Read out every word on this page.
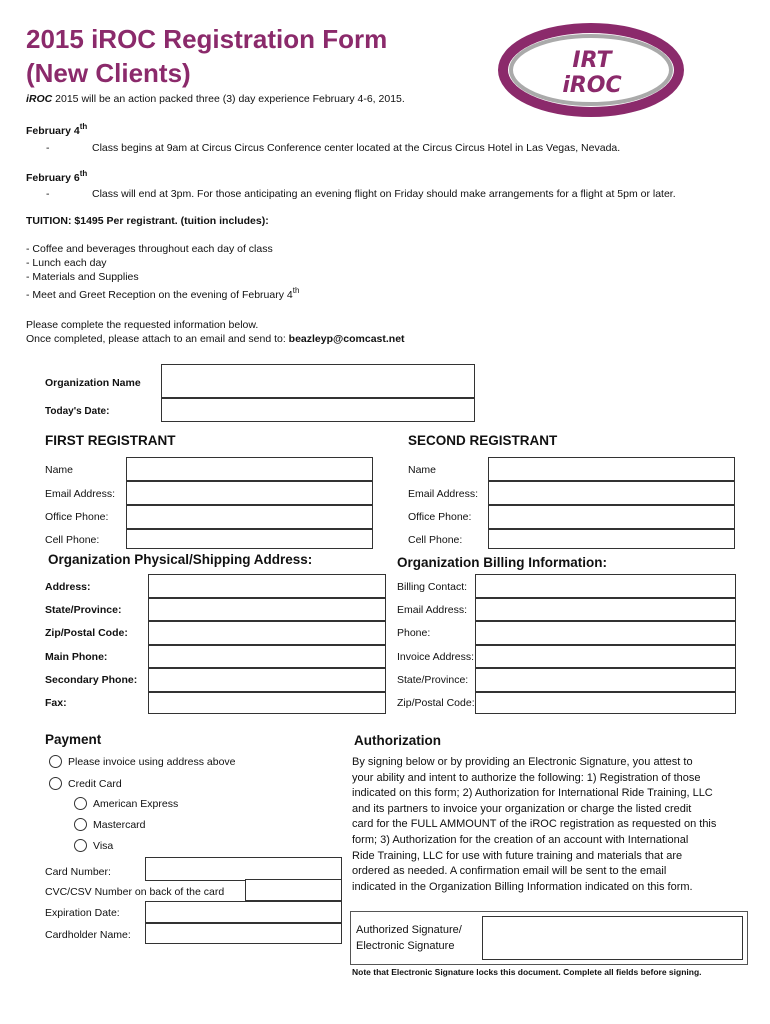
2015 iROC Registration Form
(New Clients)	IRT iROC
iROC 2015 will be an action packed three (3) day experience February 4-6, 2015.
February 4th
-	Class begins at 9am at Circus Circus Conference center located at the Circus Circus Hotel in Las Vegas, Nevada.
February 6th
-	Class will end at 3pm. For those anticipating an evening flight on Friday should make arrangements for a flight at 5pm or later.
TUITION: $1495 Per registrant. (tuition includes):
- Coffee and beverages throughout each day of class
- Lunch each day
- Materials and Supplies
- Meet and Greet Reception on the evening of February 4th
Please complete the requested information below.
Once completed, please attach to an email and send to: beazleyp@comcast.net
Organization Name
Today's Date:
FIRST REGISTRANT	SECOND REGISTRANT
Name
Email Address:
Office Phone:
Cell Phone:
Name
Email Address:
Office Phone:
Cell Phone:
Organization Physical/Shipping Address:	Organization Billing Information:
Address:
State/Province:
Zip/Postal Code:
Main Phone:
Secondary Phone:
Fax:
Billing Contact:
Email Address:
Phone:
Invoice Address:
State/Province:
Zip/Postal Code:
Payment
Please invoice using address above
Credit Card
American Express
Mastercard
Visa
Card Number:
CVC/CSV Number on back of the card
Expiration Date:
Cardholder Name:
Authorization
By signing below or by providing an Electronic Signature, you attest to
your ability and intent to authorize the following: 1) Registration of those
indicated on this form; 2) Authorization for International Ride Training, LLC
and its partners to invoice your organization or charge the listed credit
card for the FULL AMMOUNT of the iROC registration as requested on this
form; 3) Authorization for the creation of an account with International
Ride Training, LLC for use with future training and materials that are
ordered as needed. A confirmation email will be sent to the email
indicated in the Organization Billing Information indicated on this form.
Authorized Signature/
Electronic Signature
Note that Electronic Signature locks this document. Complete all fields before signing.
